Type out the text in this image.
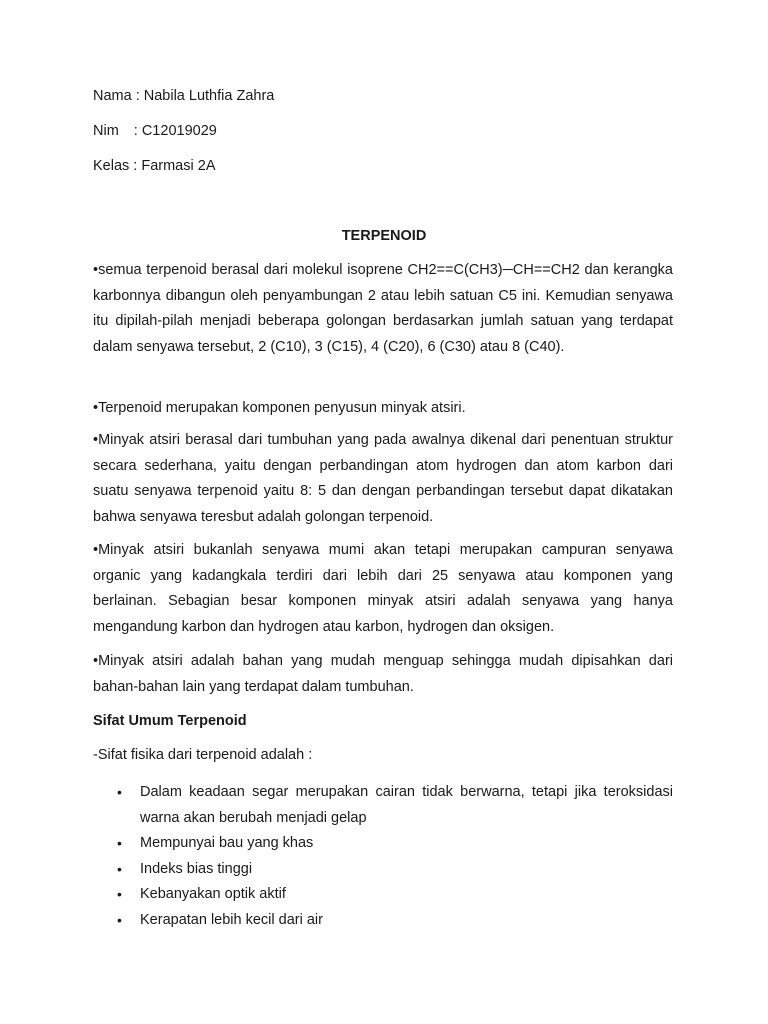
Nama : Nabila Luthfia Zahra
Nim : C12019029
Kelas : Farmasi 2A
TERPENOID

•semua terpenoid berasal dari molekul isoprene CH2==C(CH3)─CH==CH2 dan kerangka karbonnya dibangun oleh penyambungan 2 atau lebih satuan C5 ini. Kemudian senyawa itu dipilah-pilah menjadi beberapa golongan berdasarkan jumlah satuan yang terdapat dalam senyawa tersebut, 2 (C10), 3 (C15), 4 (C20), 6 (C30) atau 8 (C40).

•Terpenoid merupakan komponen penyusun minyak atsiri.

•Minyak atsiri berasal dari tumbuhan yang pada awalnya dikenal dari penentuan struktur secara sederhana, yaitu dengan perbandingan atom hydrogen dan atom karbon dari suatu senyawa terpenoid yaitu 8: 5 dan dengan perbandingan tersebut dapat dikatakan bahwa senyawa teresbut adalah golongan terpenoid.

•Minyak atsiri bukanlah senyawa mumi akan tetapi merupakan campuran senyawa organic yang kadangkala terdiri dari lebih dari 25 senyawa atau komponen yang berlainan. Sebagian besar komponen minyak atsiri adalah senyawa yang hanya mengandung karbon dan hydrogen atau karbon, hydrogen dan oksigen.

•Minyak atsiri adalah bahan yang mudah menguap sehingga mudah dipisahkan dari bahan-bahan lain yang terdapat dalam tumbuhan.

Sifat Umum Terpenoid
-Sifat fisika dari terpenoid adalah :
• Dalam keadaan segar merupakan cairan tidak berwarna, tetapi jika teroksidasi warna akan berubah menjadi gelap
• Mempunyai bau yang khas
• Indeks bias tinggi
• Kebanyakan optik aktif
• Kerapatan lebih kecil dari air
